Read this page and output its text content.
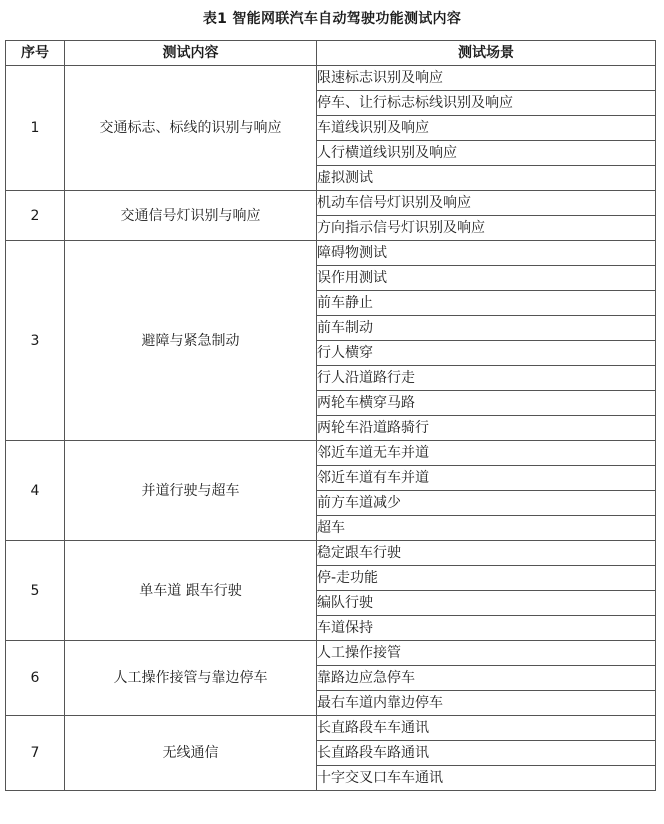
表1 智能网联汽车自动驾驶功能测试内容
序号	测试内容	测试场景
1	交通标志、标线的识别与响应	限速标志识别及响应
		停车、让行标志标线识别及响应
		车道线识别及响应
		人行横道线识别及响应
		虚拟测试
2	交通信号灯识别与响应	机动车信号灯识别及响应
		方向指示信号灯识别及响应
3	避障与紧急制动	障碍物测试
		误作用测试
		前车静止
		前车制动
		行人横穿
		行人沿道路行走
		两轮车横穿马路
		两轮车沿道路骑行
4	并道行驶与超车	邻近车道无车并道
		邻近车道有车并道
		前方车道减少
		超车
5	单车道 跟车行驶	稳定跟车行驶
		停-走功能
		编队行驶
		车道保持
6	人工操作接管与靠边停车	人工操作接管
		靠路边应急停车
		最右车道内靠边停车
7	无线通信	长直路段车车通讯
		长直路段车路通讯
		十字交叉口车车通讯
